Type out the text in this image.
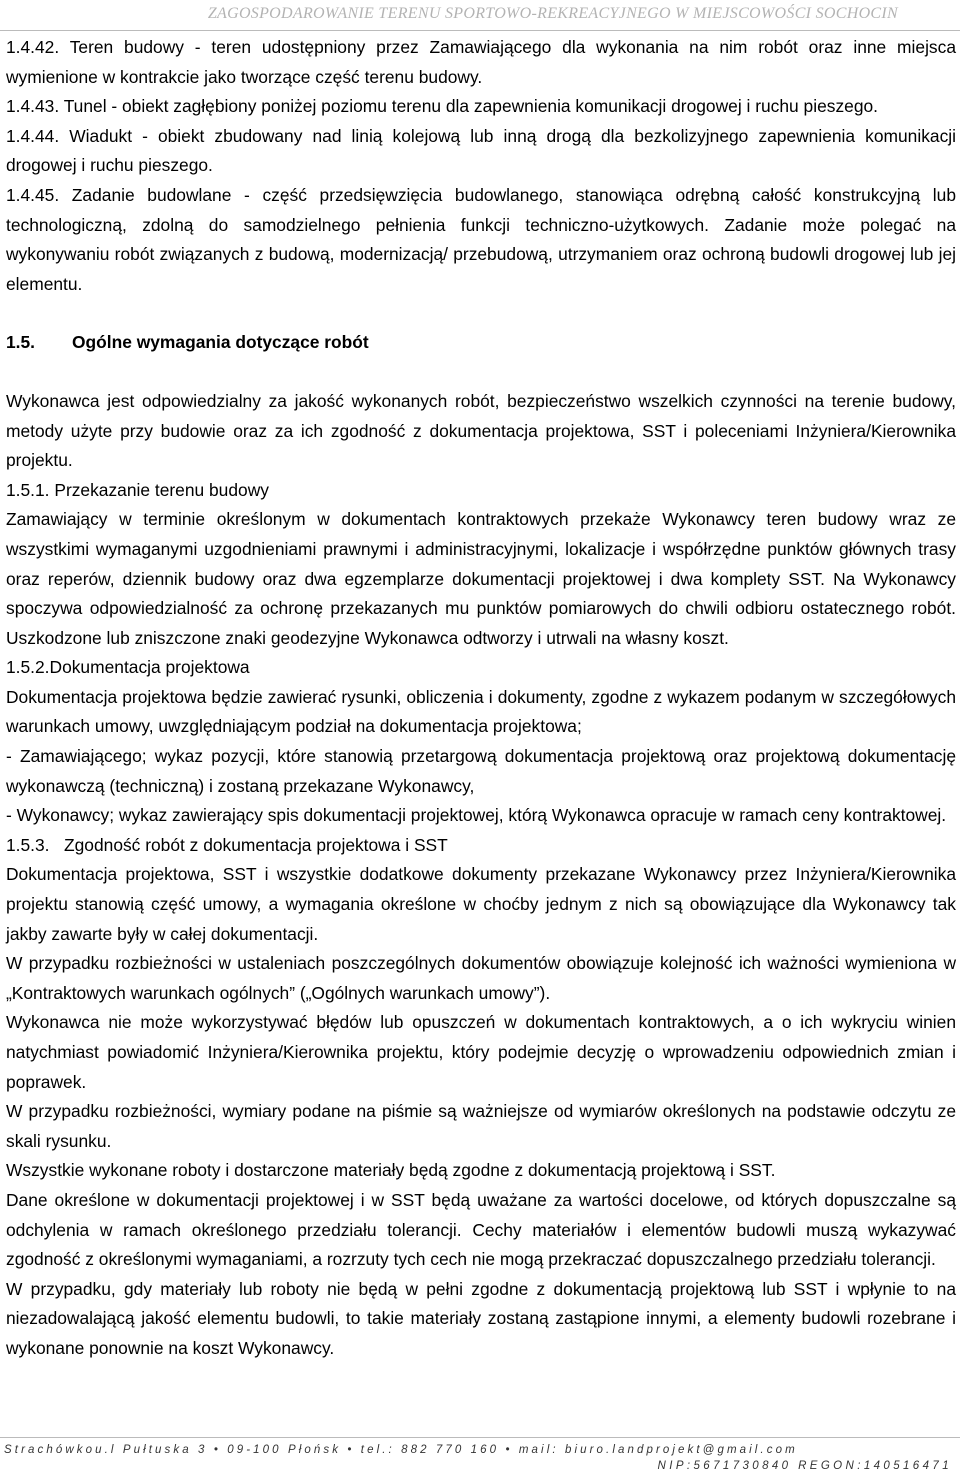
ZAGOSPODAROWANIE TERENU SPORTOWO-REKREACYJNEGO W MIEJSCOWOŚCI SOCHOCIN

1.4.42. Teren budowy - teren udostępniony przez Zamawiającego dla wykonania na nim robót oraz inne miejsca wymienione w kontrakcie jako tworzące część terenu budowy.

1.4.43. Tunel - obiekt zagłębiony poniżej poziomu terenu dla zapewnienia komunikacji drogowej i ruchu pieszego.

1.4.44. Wiadukt - obiekt zbudowany nad linią kolejową lub inną drogą dla bezkolizyjnego zapewnienia komunikacji drogowej i ruchu pieszego.

1.4.45. Zadanie budowlane - część przedsięwzięcia budowlanego, stanowiąca odrębną całość konstrukcyjną lub technologiczną, zdolną do samodzielnego pełnienia funkcji techniczno-użytkowych. Zadanie może polegać na wykonywaniu robót związanych z budową, modernizacją/ przebudową, utrzymaniem oraz ochroną budowli drogowej lub jej elementu.

1.5. Ogólne wymagania dotyczące robót

Wykonawca jest odpowiedzialny za jakość wykonanych robót, bezpieczeństwo wszelkich czynności na terenie budowy, metody użyte przy budowie oraz za ich zgodność z dokumentacja projektowa, SST i poleceniami Inżyniera/Kierownika projektu.

1.5.1. Przekazanie terenu budowy

Zamawiający w terminie określonym w dokumentach kontraktowych przekaże Wykonawcy teren budowy wraz ze wszystkimi wymaganymi uzgodnieniami prawnymi i administracyjnymi, lokalizacje i współrzędne punktów głównych trasy oraz reperów, dziennik budowy oraz dwa egzemplarze dokumentacji projektowej i dwa komplety SST. Na Wykonawcy spoczywa odpowiedzialność za ochronę przekazanych mu punktów pomiarowych do chwili odbioru ostatecznego robót. Uszkodzone lub zniszczone znaki geodezyjne Wykonawca odtworzy i utrwali na własny koszt.

1.5.2.Dokumentacja projektowa

Dokumentacja projektowa będzie zawierać rysunki, obliczenia i dokumenty, zgodne z wykazem podanym w szczegółowych warunkach umowy, uwzględniającym podział na dokumentacja projektowa;

- Zamawiającego; wykaz pozycji, które stanowią przetargową dokumentacja projektową oraz projektową dokumentację wykonawczą (techniczną) i zostaną przekazane Wykonawcy,

- Wykonawcy; wykaz zawierający spis dokumentacji projektowej, którą Wykonawca opracuje w ramach ceny kontraktowej.

1.5.3.   Zgodność robót z dokumentacja projektowa i SST

Dokumentacja projektowa, SST i wszystkie dodatkowe dokumenty przekazane Wykonawcy przez Inżyniera/Kierownika projektu stanowią część umowy, a wymagania określone w choćby jednym z nich są obowiązujące dla Wykonawcy tak jakby zawarte były w całej dokumentacji.

W przypadku rozbieżności w ustaleniach poszczególnych dokumentów obowiązuje kolejność ich ważności wymieniona w „Kontraktowych warunkach ogólnych” („Ogólnych warunkach umowy”).

Wykonawca nie może wykorzystywać błędów lub opuszczeń w dokumentach kontraktowych, a o ich wykryciu winien natychmiast powiadomić Inżyniera/Kierownika projektu, który podejmie decyzję o wprowadzeniu odpowiednich zmian i poprawek.

W przypadku rozbieżności, wymiary podane na piśmie są ważniejsze od wymiarów określonych na podstawie odczytu ze skali rysunku.

Wszystkie wykonane roboty i dostarczone materiały będą zgodne z dokumentacją projektową i SST.

Dane określone w dokumentacji projektowej i w SST będą uważane za wartości docelowe, od których dopuszczalne są odchylenia w ramach określonego przedziału tolerancji. Cechy materiałów i elementów budowli muszą wykazywać zgodność z określonymi wymaganiami, a rozrzuty tych cech nie mogą przekraczać dopuszczalnego przedziału tolerancji.

W przypadku, gdy materiały lub roboty nie będą w pełni zgodne z dokumentacją projektową lub SST i wpłynie to na niezadowalającą jakość elementu budowli, to takie materiały zostaną zastąpione innymi, a elementy budowli rozebrane i wykonane ponownie na koszt Wykonawcy.

Strachówkou.l Pułtuska 3 • 09-100 Płońsk • tel.: 882 770 160 • mail: biuro.landprojekt@gmail.com
NIP:5671730840 REGON:140516471
